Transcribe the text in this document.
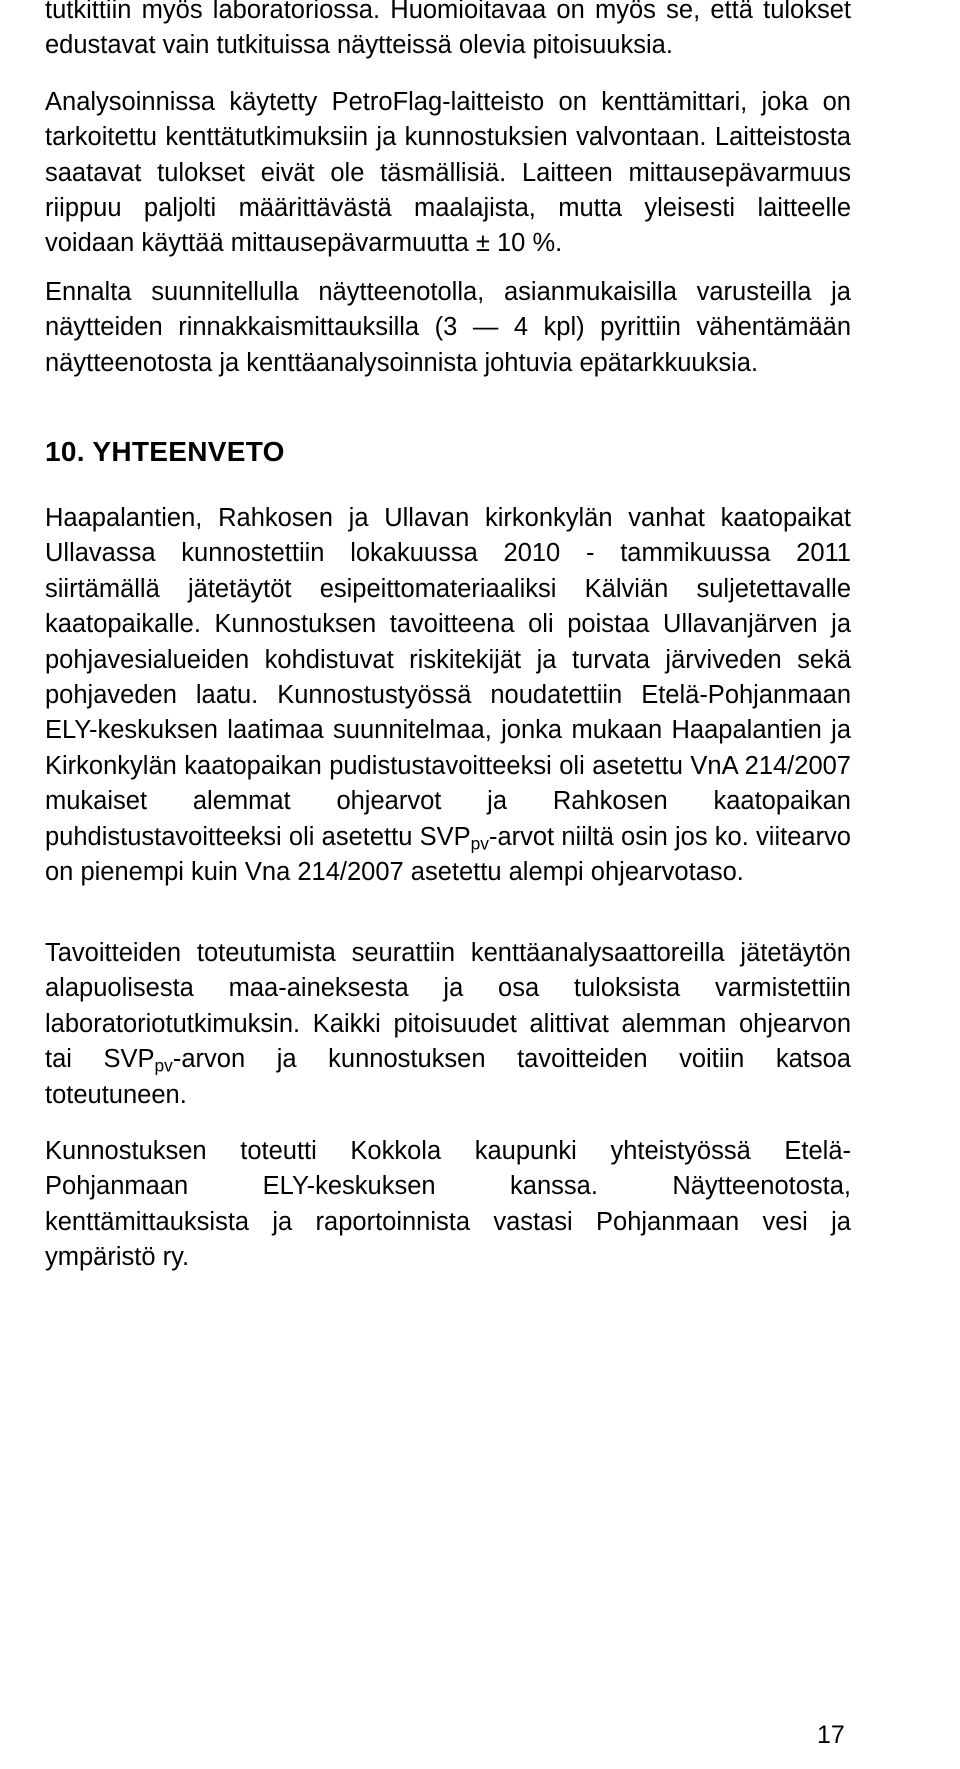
tutkittiin myös laboratoriossa. Huomioitavaa on myös se, että tulokset edustavat vain tutkituissa näytteissä olevia pitoisuuksia.

Analysoinnissa käytetty PetroFlag-laitteisto on kenttämittari, joka on tarkoitettu kenttätutkimuksiin ja kunnostuksien valvontaan. Laitteistosta saatavat tulokset eivät ole täsmällisiä. Laitteen mittausepävarmuus riippuu paljolti määrittävästä maalajista, mutta yleisesti laitteelle voidaan käyttää mittausepävarmuutta ± 10 %.

Ennalta suunnitellulla näytteenotolla, asianmukaisilla varusteilla ja näytteiden rinnakkaismittauksilla (3 — 4 kpl) pyrittiin vähentämään näytteenotosta ja kenttäanalysoinnista johtuvia epätarkkuuksia.

10. YHTEENVETO

Haapalantien, Rahkosen ja Ullavan kirkonkylän vanhat kaatopaikat Ullavassa kunnostettiin lokakuussa 2010 - tammikuussa 2011 siirtämällä jätetäytöt esipeittomateriaaliksi Kälviän suljetettavalle kaatopaikalle. Kunnostuksen tavoitteena oli poistaa Ullavanjärven ja pohjavesialueiden kohdistuvat riskitekijät ja turvata järviveden sekä pohjaveden laatu. Kunnostustyössä noudatettiin Etelä-Pohjanmaan ELY-keskuksen laatimaa suunnitelmaa, jonka mukaan Haapalantien ja Kirkonkylän kaatopaikan pudistustavoitteeksi oli asetettu VnA 214/2007 mukaiset alemmat ohjearvot ja Rahkosen kaatopaikan puhdistustavoitteeksi oli asetettu $SVP_{pv}$-arvot niiltä osin jos ko. viitearvo on pienempi kuin Vna 214/2007 asetettu alempi ohjearvotaso.

Tavoitteiden toteutumista seurattiin kenttäanalysaattoreilla jätetäytön alapuolisesta maa-aineksesta ja osa tuloksista varmistettiin laboratoriotutkimuksin. Kaikki pitoisuudet alittivat alemman ohjearvon tai $SVP_{pv}$-arvon ja kunnostuksen tavoitteiden voitiin katsoa toteutuneen.

Kunnostuksen toteutti Kokkola kaupunki yhteistyössä Etelä-Pohjanmaan ELY-keskuksen kanssa. Näytteenotosta, kenttämittauksista ja raportoinnista vastasi Pohjanmaan vesi ja ympäristö ry.

17
